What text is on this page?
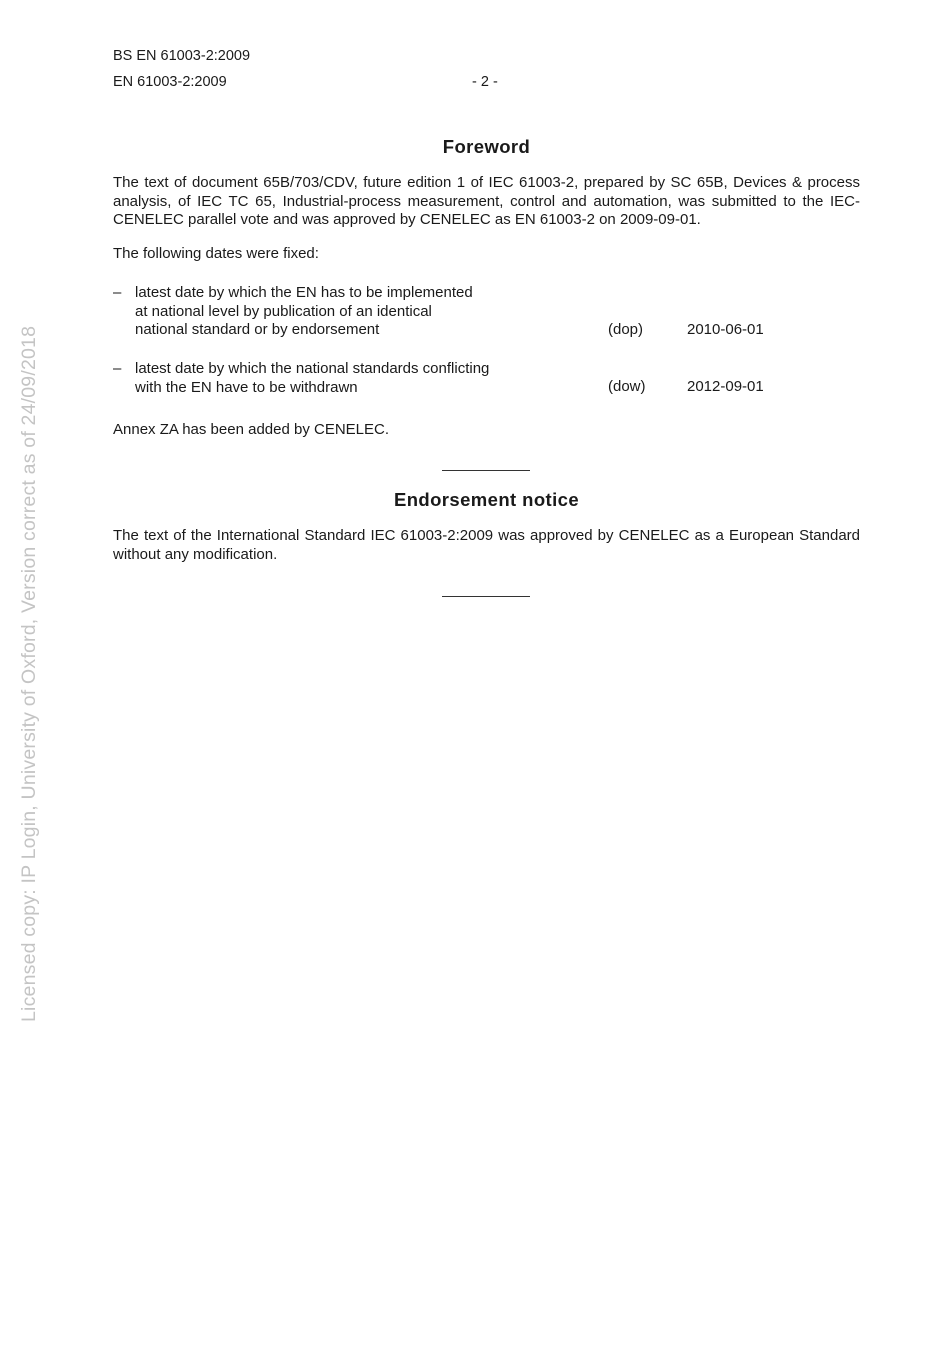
BS EN 61003-2:2009
EN 61003-2:2009	- 2 -
Foreword
The text of document 65B/703/CDV, future edition 1 of IEC 61003-2, prepared by SC 65B, Devices & process analysis, of IEC TC 65, Industrial-process measurement, control and automation, was submitted to the IEC-CENELEC parallel vote and was approved by CENELEC as EN 61003-2 on 2009-09-01.
The following dates were fixed:
– latest date by which the EN has to be implemented
at national level by publication of an identical
national standard or by endorsement	(dop)	2010-06-01
– latest date by which the national standards conflicting
with the EN have to be withdrawn	(dow)	2012-09-01
Annex ZA has been added by CENELEC.
Endorsement notice
The text of the International Standard IEC 61003-2:2009 was approved by CENELEC as a European Standard without any modification.
Licensed copy: IP Login, University of Oxford, Version correct as of 24/09/2018
